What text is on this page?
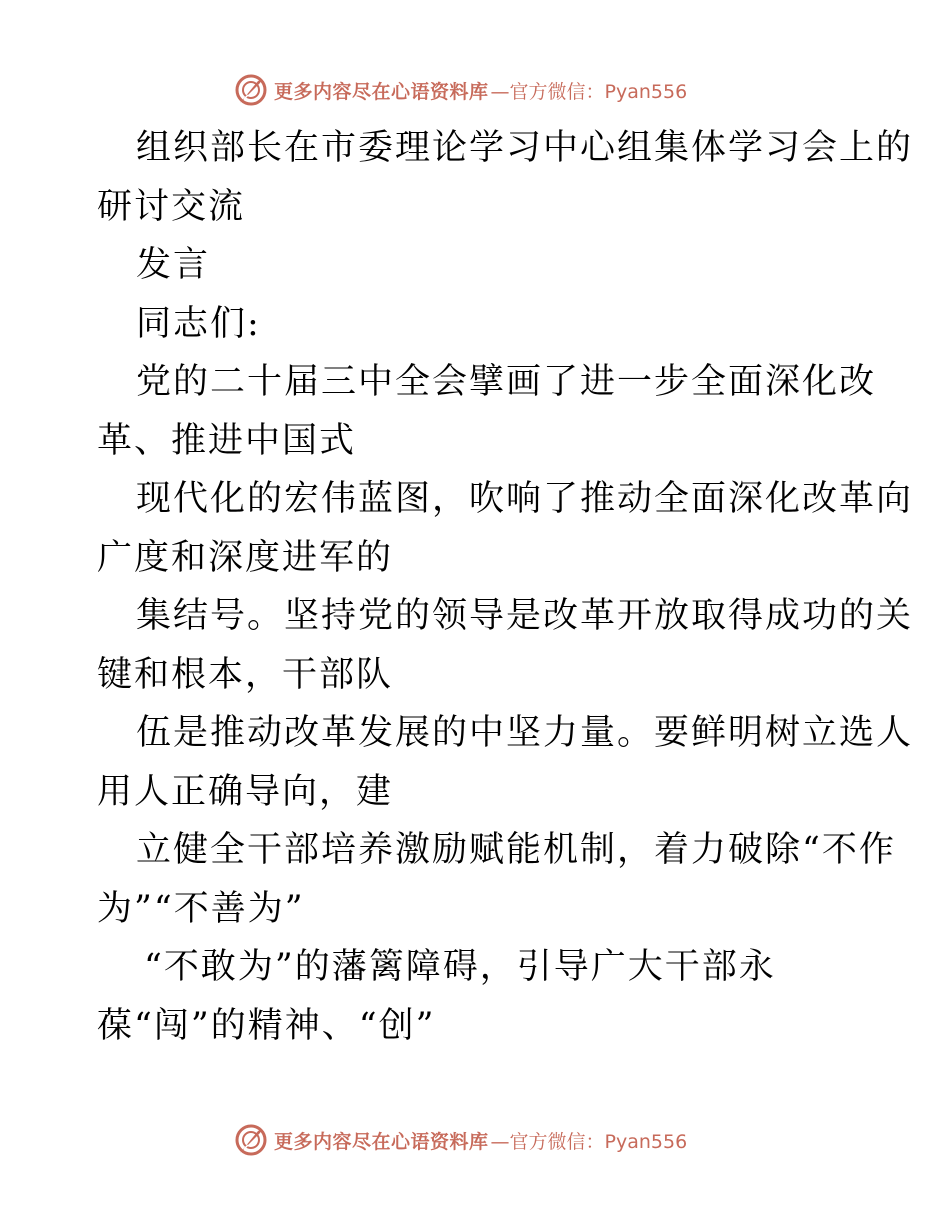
更多内容尽在心语资料库 —官方微信：Pyan556
组织部长在市委理论学习中心组集体学习会上的
研讨交流
发言
同志们:
党的二十届三中全会擘画了进一步全面深化改
革、推进中国式
现代化的宏伟蓝图，吹响了推动全面深化改革向
广度和深度进军的
集结号。坚持党的领导是改革开放取得成功的关
键和根本，干部队
伍是推动改革发展的中坚力量。要鲜明树立选人
用人正确导向，建
立健全干部培养激励赋能机制，着力破除“不作
为”“不善为”
“不敢为”的藩篱障碍，引导广大干部永
葆“闯”的精神、“创”
更多内容尽在心语资料库 —官方微信：Pyan556
